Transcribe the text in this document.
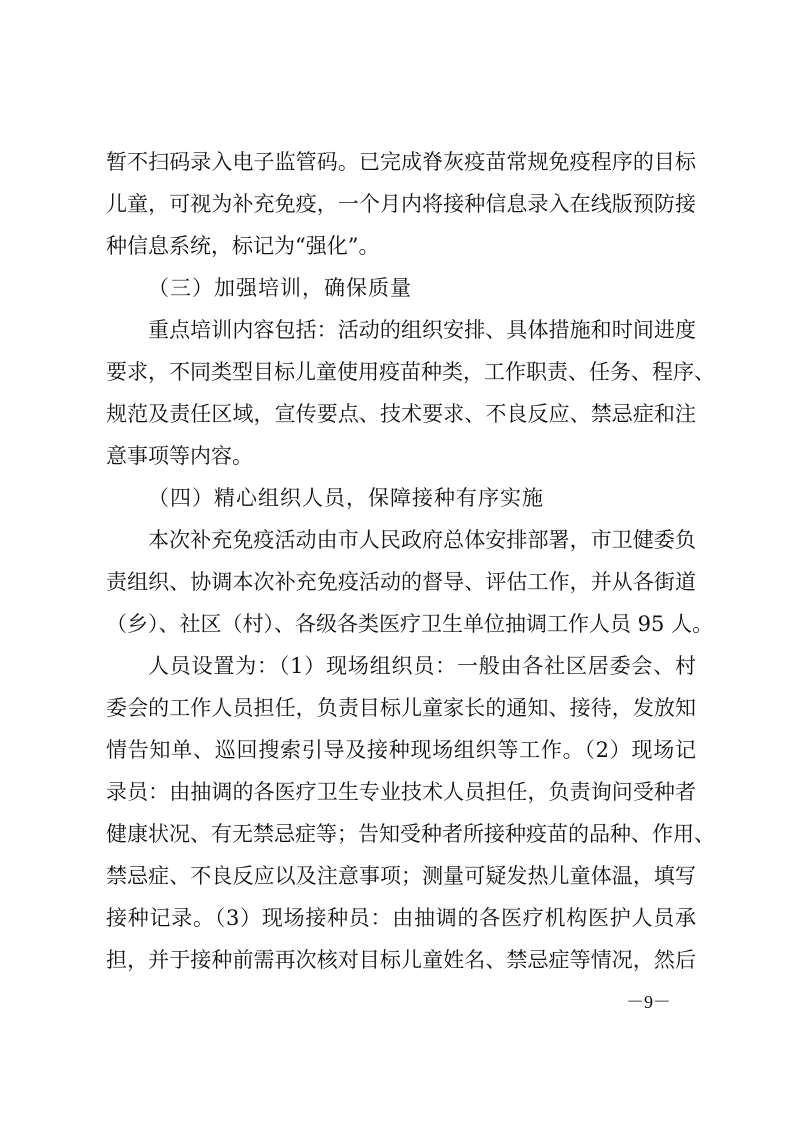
暂不扫码录入电子监管码。已完成脊灰疫苗常规免疫程序的目标
儿童，可视为补充免疫，一个月内将接种信息录入在线版预防接
种信息系统，标记为“强化”。
（三）加强培训，确保质量
重点培训内容包括：活动的组织安排、具体措施和时间进度
要求，不同类型目标儿童使用疫苗种类，工作职责、任务、程序、
规范及责任区域，宣传要点、技术要求、不良反应、禁忌症和注
意事项等内容。
（四）精心组织人员，保障接种有序实施
本次补充免疫活动由市人民政府总体安排部署，市卫健委负
责组织、协调本次补充免疫活动的督导、评估工作，并从各街道
（乡）、社区（村）、各级各类医疗卫生单位抽调工作人员 95 人。
人员设置为：（1）现场组织员：一般由各社区居委会、村
委会的工作人员担任，负责目标儿童家长的通知、接待，发放知
情告知单、巡回搜索引导及接种现场组织等工作。（2）现场记
录员：由抽调的各医疗卫生专业技术人员担任，负责询问受种者
健康状况、有无禁忌症等；告知受种者所接种疫苗的品种、作用、
禁忌症、不良反应以及注意事项；测量可疑发热儿童体温，填写
接种记录。（3）现场接种员：由抽调的各医疗机构医护人员承
担，并于接种前需再次核对目标儿童姓名、禁忌症等情况，然后
－9－
